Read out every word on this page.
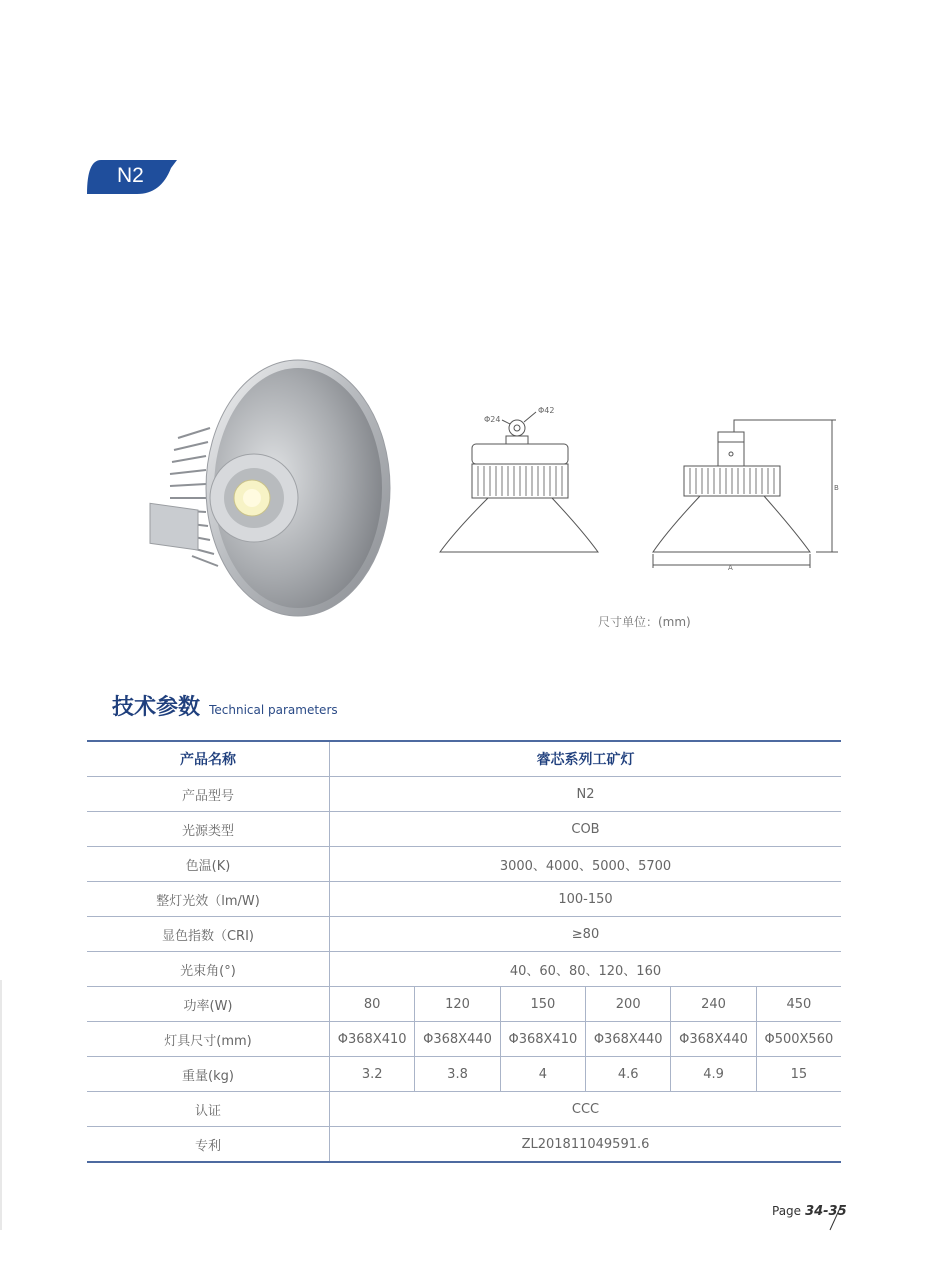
N2
Φ24
Φ42
A
B
尺寸单位：(mm)
技术参数 Technical parameters
产品名称	睿芯系列工矿灯					
产品型号	N2					
光源类型	COB					
色温(K)	3000、4000、5000、5700					
整灯光效（lm/W)	100-150					
显色指数（CRI)	≥80					
光束角(°)	40、60、80、120、160					
功率(W)	80	120	150	200	240	450
灯具尺寸(mm)	Φ368X410	Φ368X440	Φ368X410	Φ368X440	Φ368X440	Φ500X560
重量(kg)	3.2	3.8	4	4.6	4.9	15
认证	CCC					
专利	ZL201811049591.6					
Page 34-35
